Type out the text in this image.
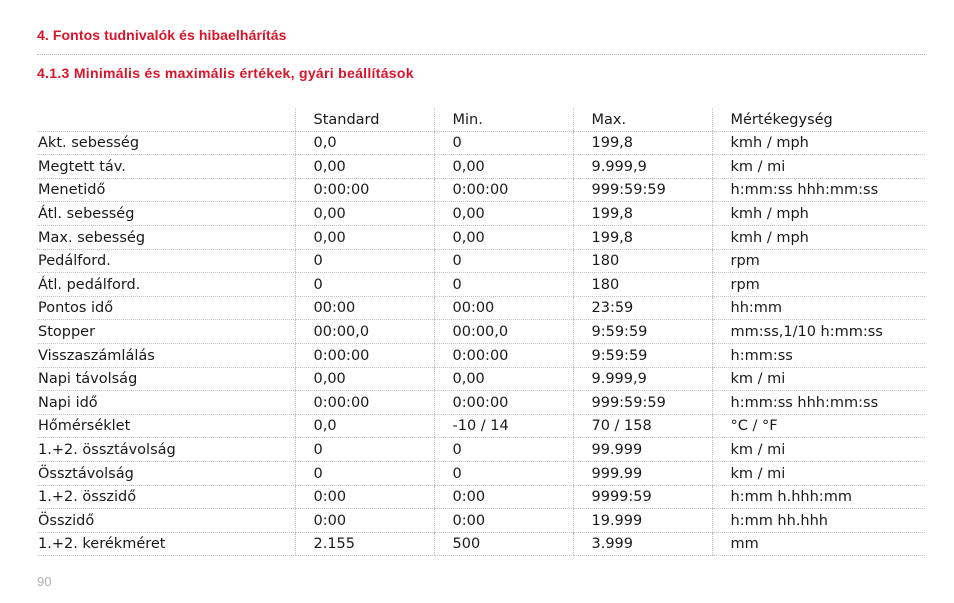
4. Fontos tudnivalók és hibaelhárítás
4.1.3 Minimális és maximális értékek, gyári beállítások
	Standard	Min.	Max.	Mértékegység
Akt. sebesség	0,0	0	199,8	kmh / mph
Megtett táv.	0,00	0,00	9.999,9	km / mi
Menetidő	0:00:00	0:00:00	999:59:59	h:mm:ss hhh:mm:ss
Átl. sebesség	0,00	0,00	199,8	kmh / mph
Max. sebesség	0,00	0,00	199,8	kmh / mph
Pedálford.	0	0	180	rpm
Átl. pedálford.	0	0	180	rpm
Pontos idő	00:00	00:00	23:59	hh:mm
Stopper	00:00,0	00:00,0	9:59:59	mm:ss,1/10 h:mm:ss
Visszaszámlálás	0:00:00	0:00:00	9:59:59	h:mm:ss
Napi távolság	0,00	0,00	9.999,9	km / mi
Napi idő	0:00:00	0:00:00	999:59:59	h:mm:ss hhh:mm:ss
Hőmérséklet	0,0	-10 / 14	70 / 158	°C / °F
1.+2. össztávolság	0	0	99.999	km / mi
Össztávolság	0	0	999.99	km / mi
1.+2. összidő	0:00	0:00	9999:59	h:mm h.hhh:mm
Összidő	0:00	0:00	19.999	h:mm hh.hhh
1.+2. kerékméret	2.155	500	3.999	mm
90
